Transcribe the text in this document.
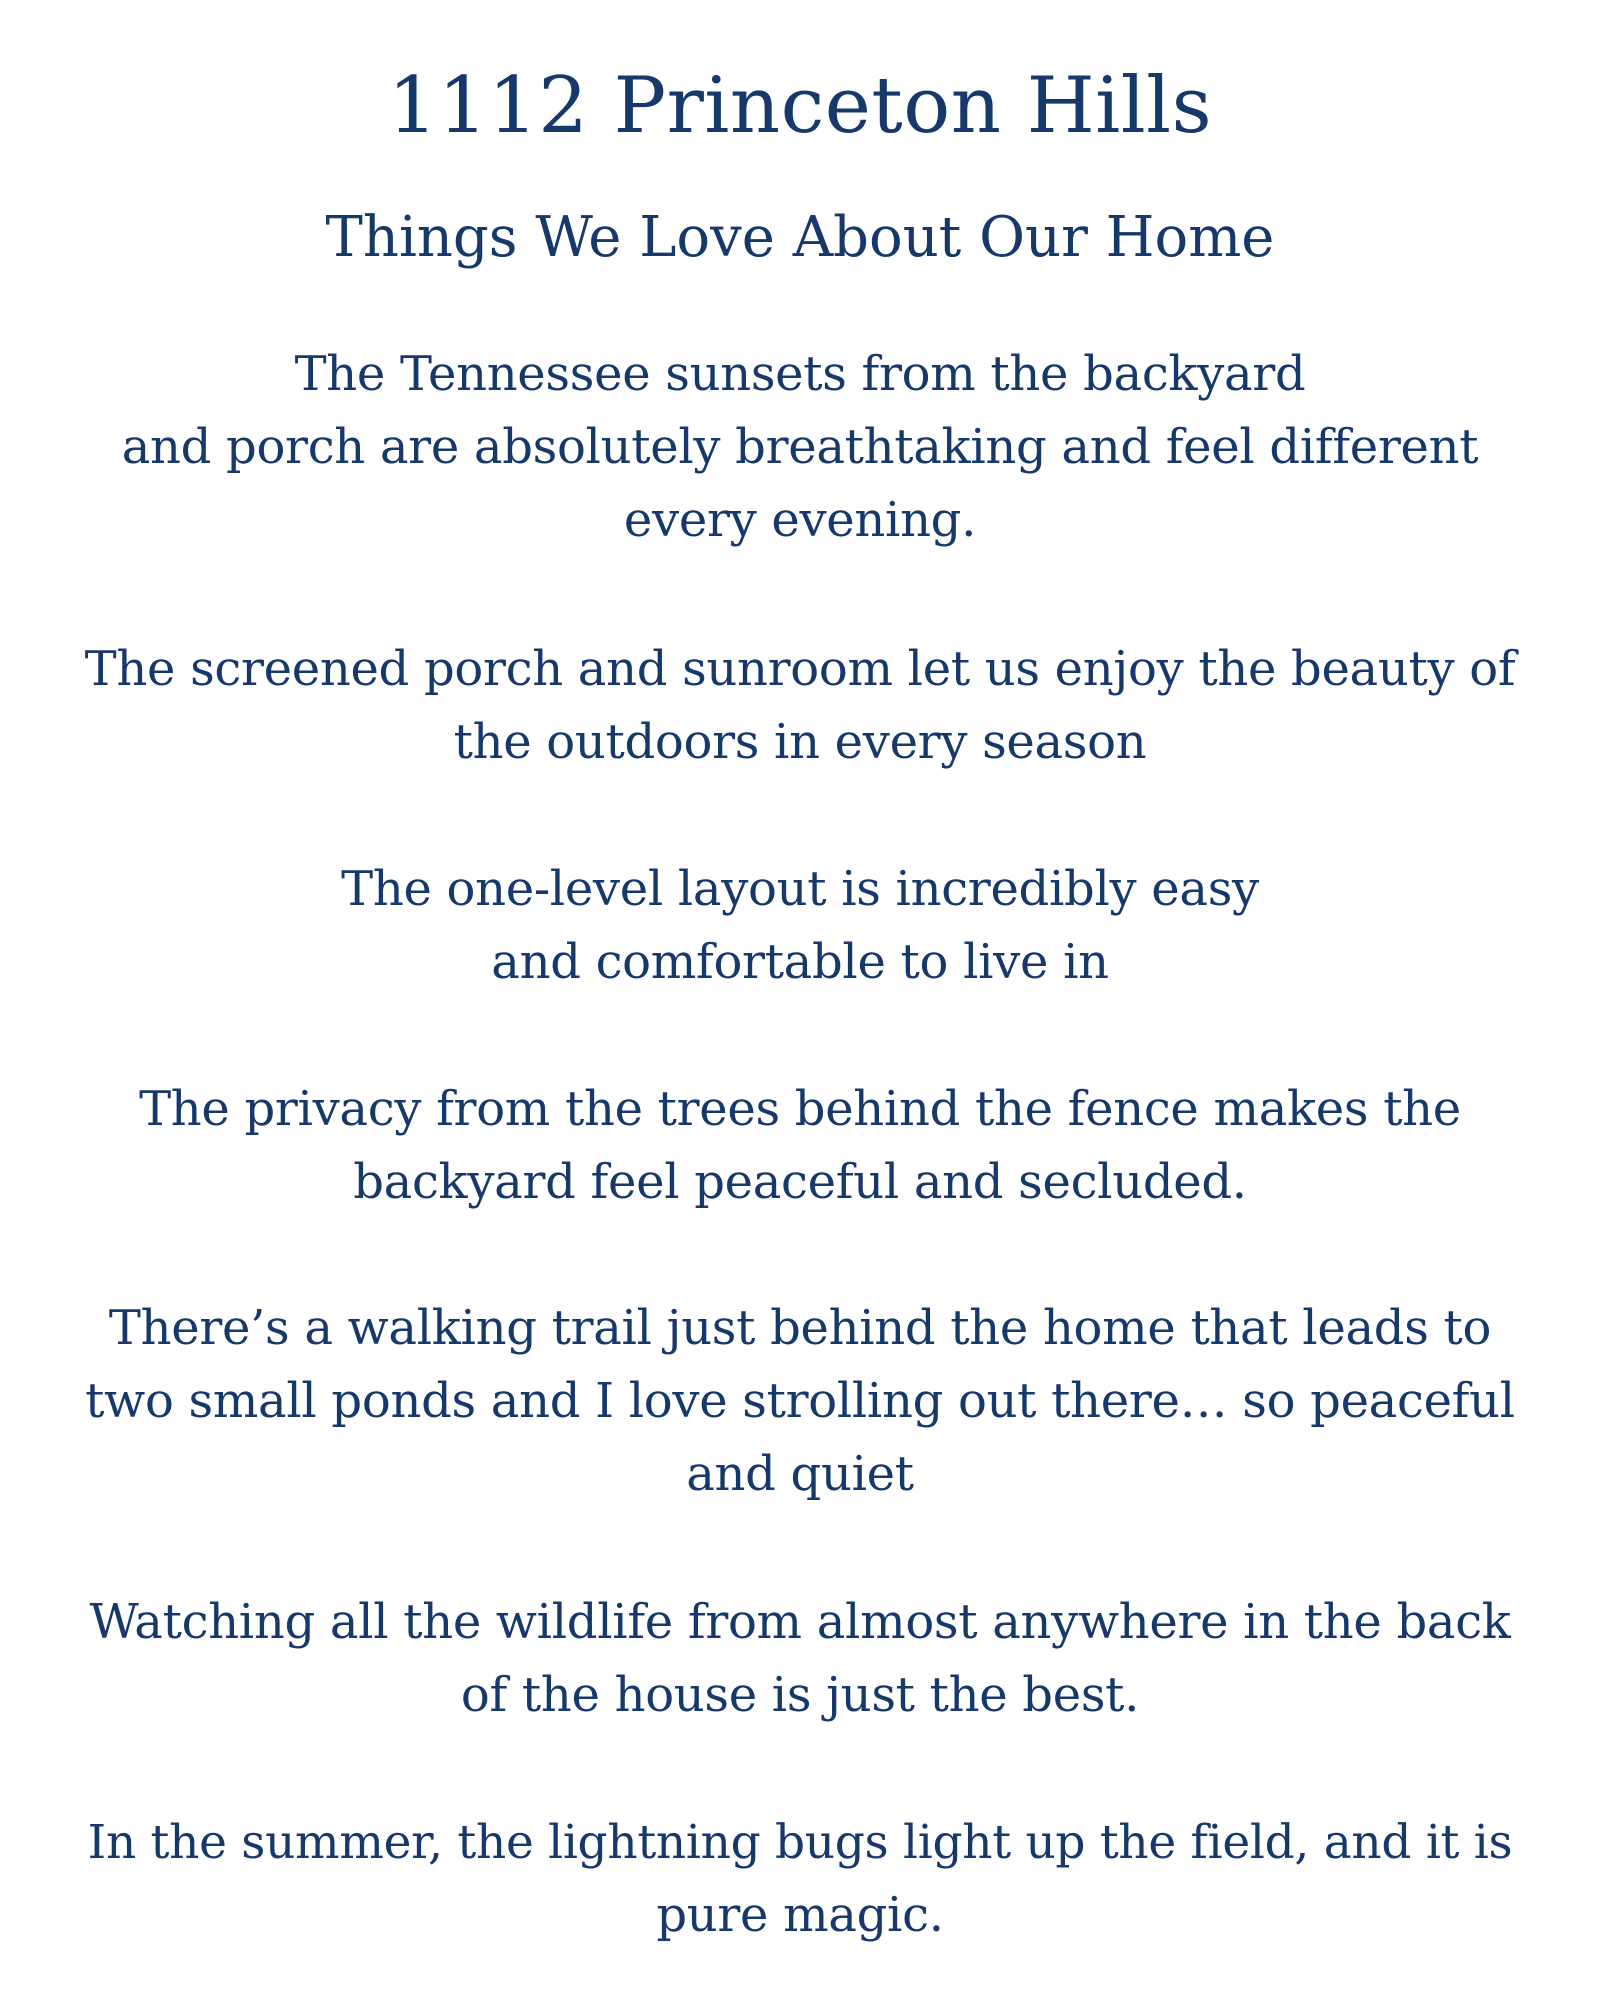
1112 Princeton Hills
Things We Love About Our Home

The Tennessee sunsets from the backyard
and porch are absolutely breathtaking and feel different
every evening.

The screened porch and sunroom let us enjoy the beauty of
the outdoors in every season

The one-level layout is incredibly easy
and comfortable to live in

The privacy from the trees behind the fence makes the
backyard feel peaceful and secluded.

There’s a walking trail just behind the home that leads to
two small ponds and I love strolling out there… so peaceful
and quiet

Watching all the wildlife from almost anywhere in the back
of the house is just the best.

In the summer, the lightning bugs light up the field, and it is
pure magic.
